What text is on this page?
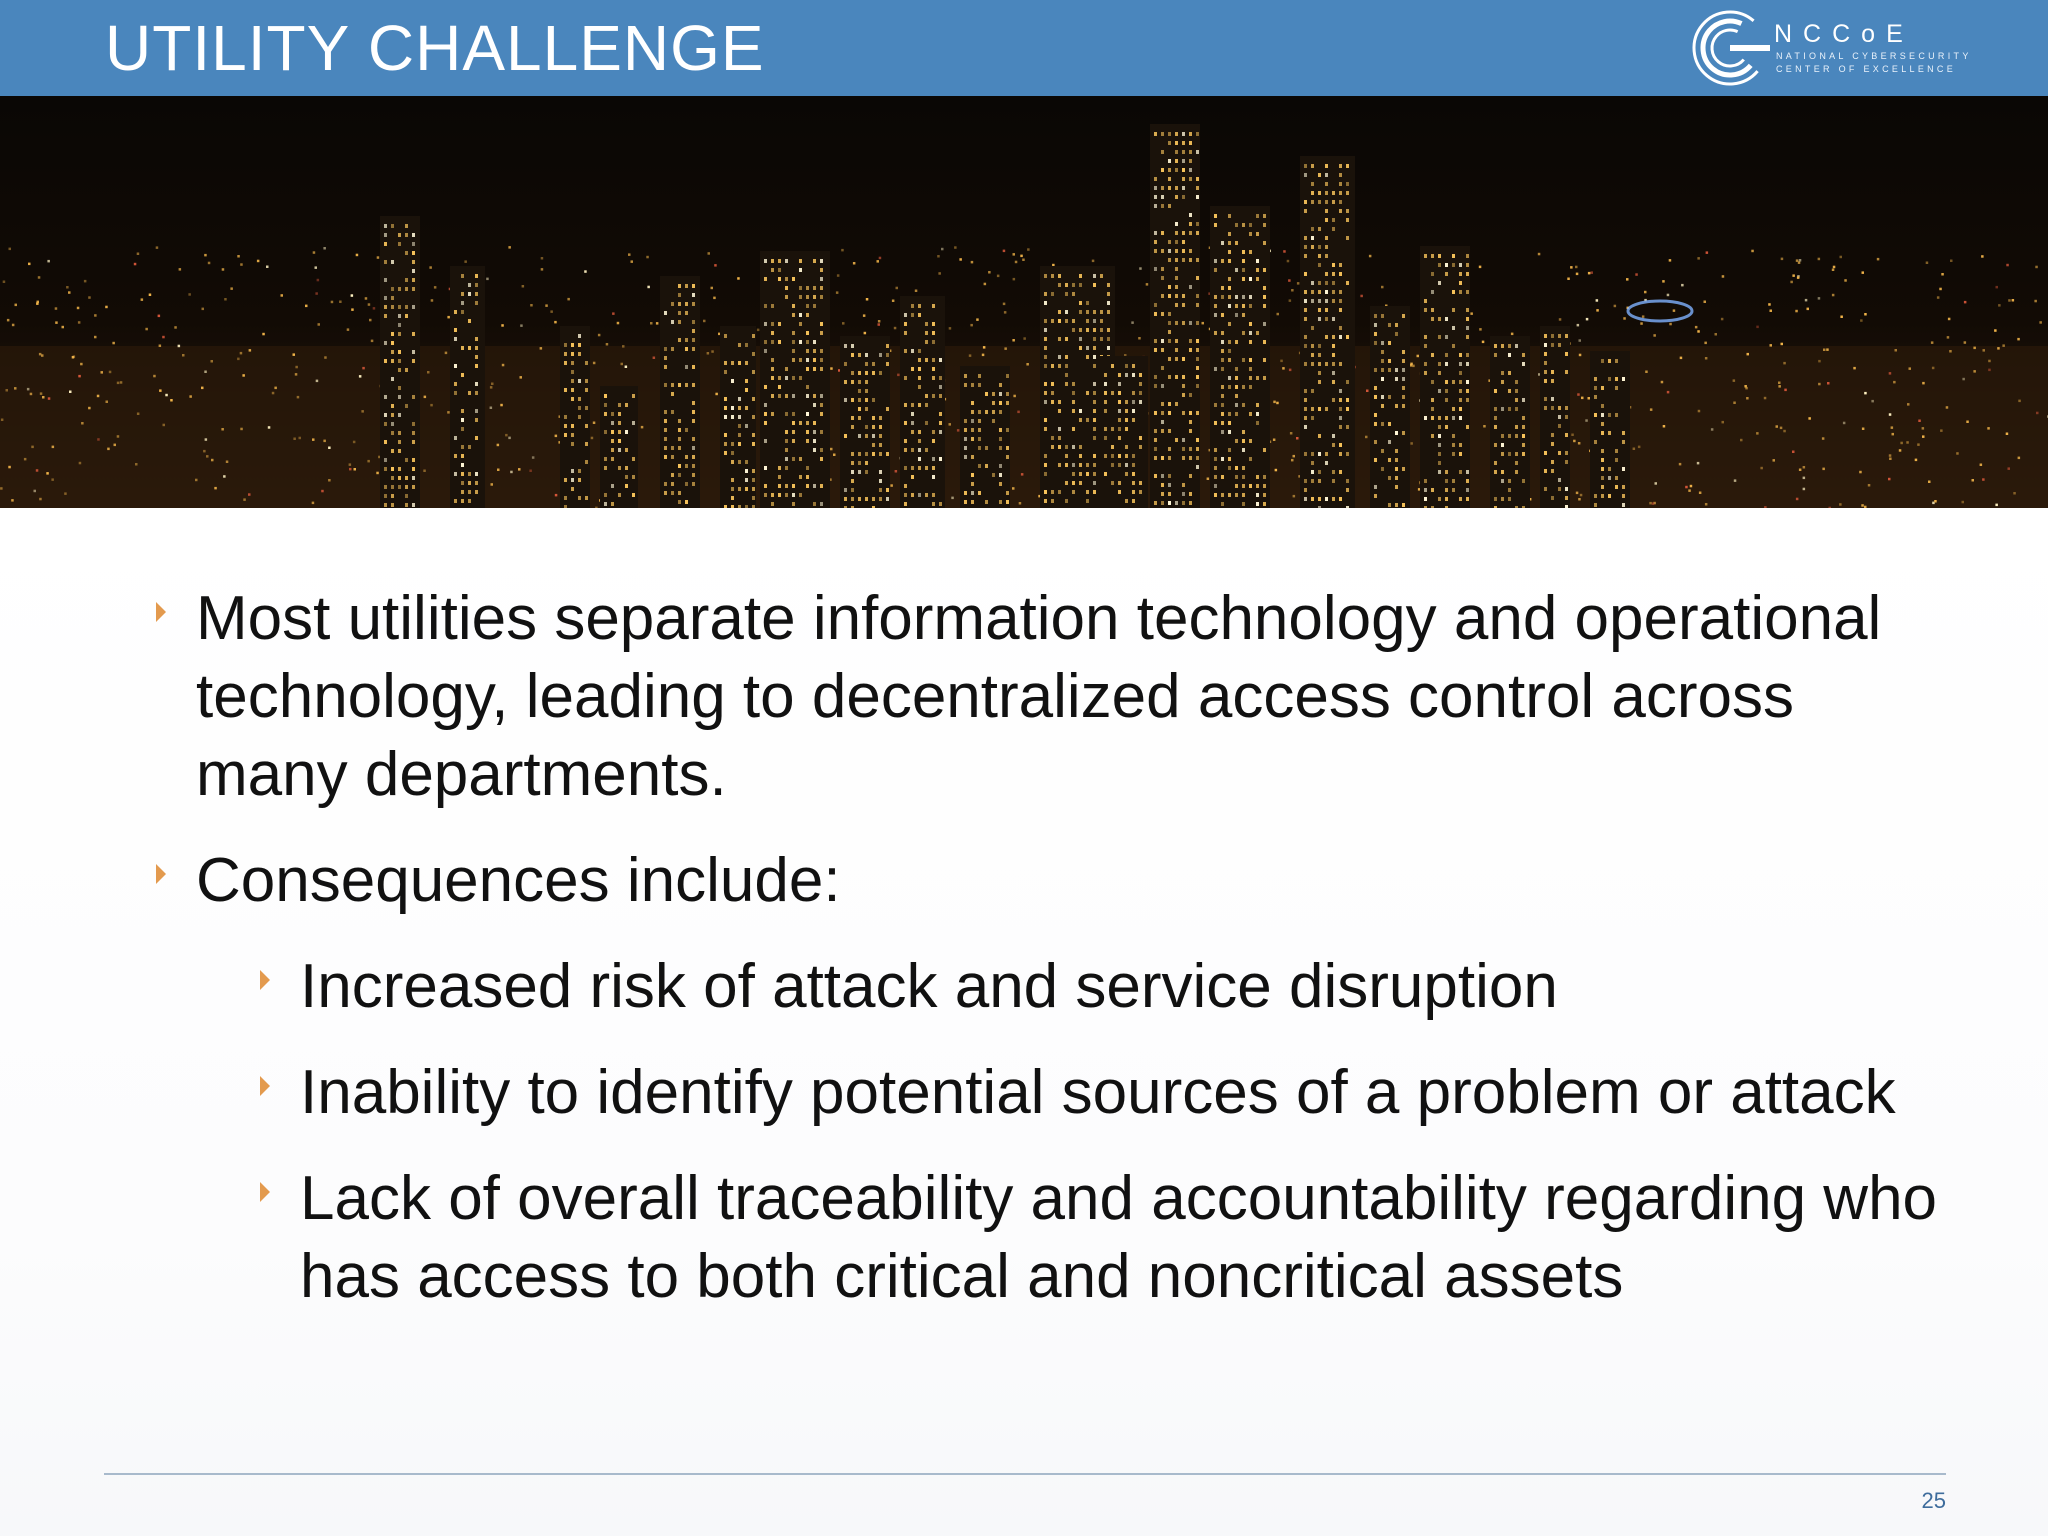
UTILITY CHALLENGE	NCCoE
NATIONAL CYBERSECURITY
CENTER OF EXCELLENCE
Most utilities separate information technology and operational technology, leading to decentralized access control across many departments.
Consequences include:
Increased risk of attack and service disruption
Inability to identify potential sources of a problem or attack
Lack of overall traceability and accountability regarding who has access to both critical and noncritical assets
25
